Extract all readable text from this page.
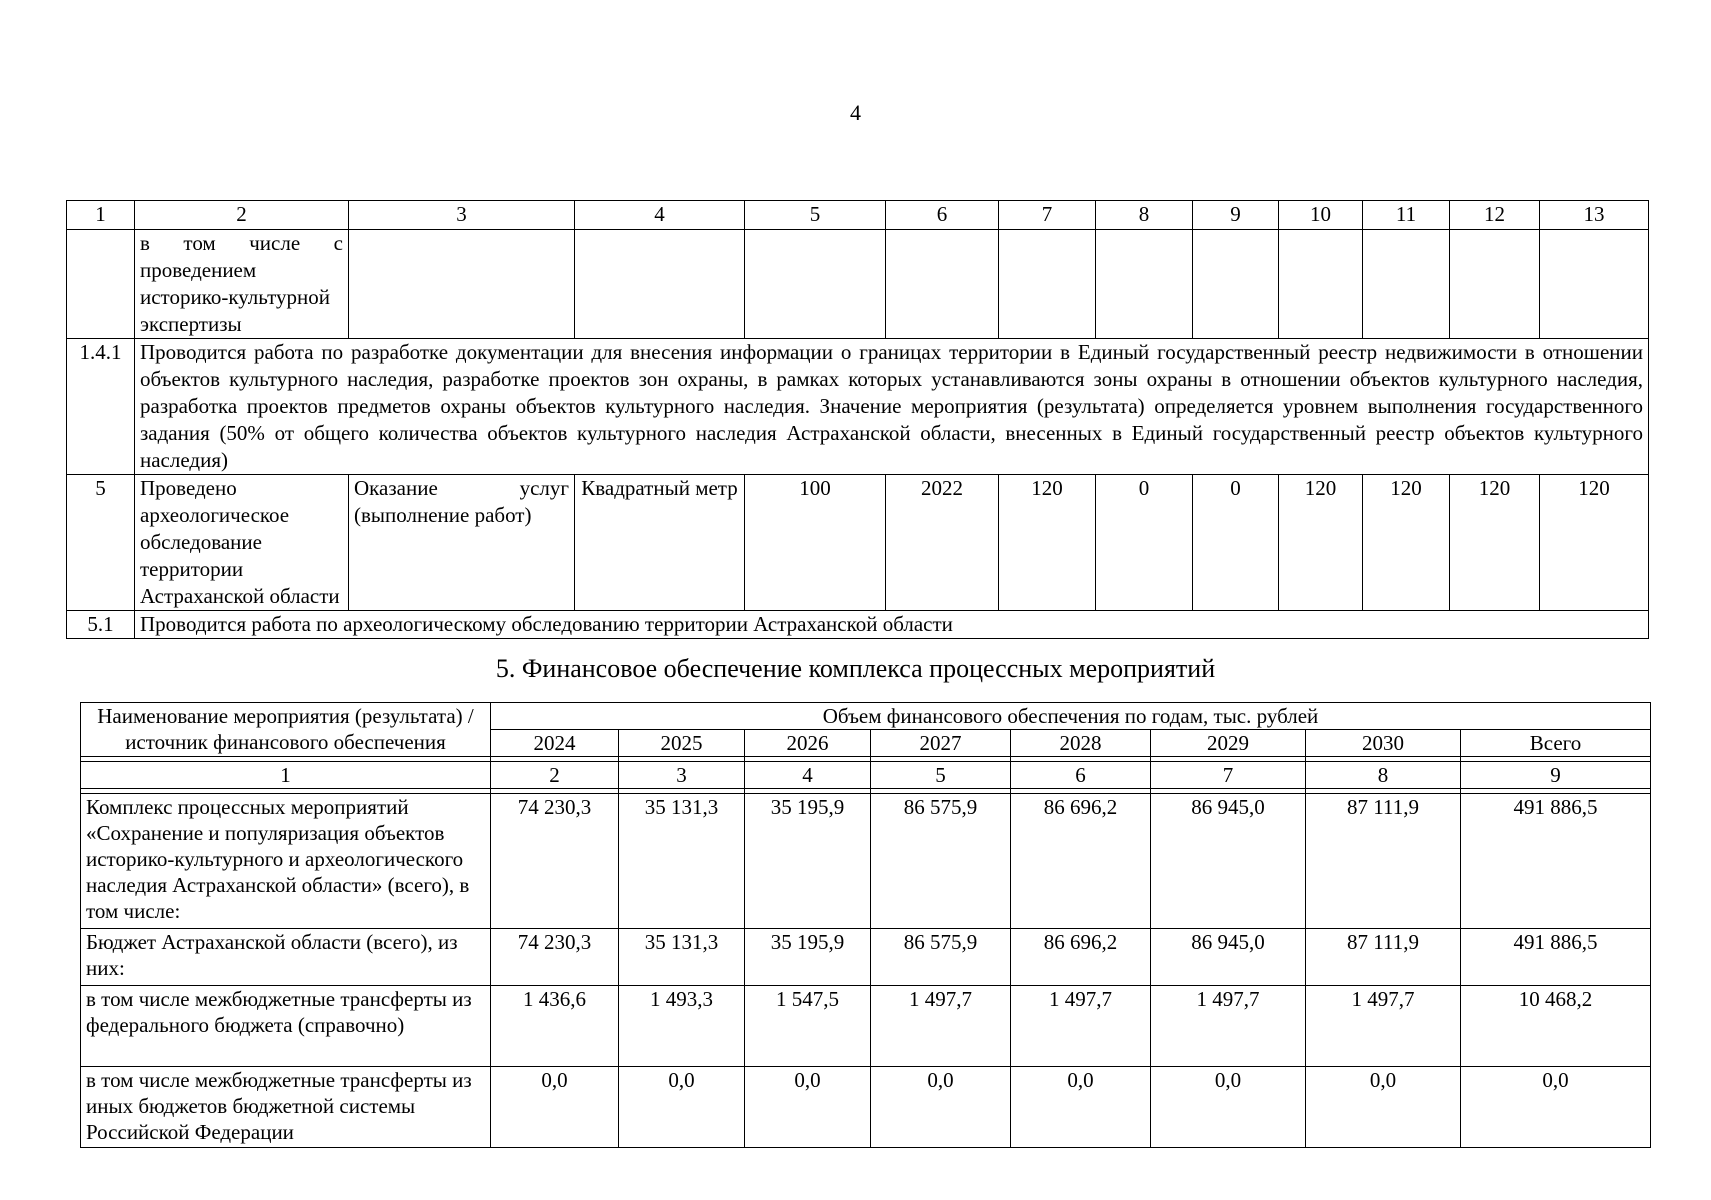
4
1	2	3	4	5	6	7	8	9	10	11	12	13
	в том числе с проведением историко-культурной экспертизы											
1.4.1	Проводится работа по разработке документации для внесения информации о границах территории в Единый государственный реестр недвижимости в отношении объектов культурного наследия, разработке проектов зон охраны, в рамках которых устанавливаются зоны охраны в отношении объектов культурного наследия, разработка проектов предметов охраны объектов культурного наследия. Значение мероприятия (результата) определяется уровнем выполнения государственного задания (50% от общего количества объектов культурного наследия Астраханской области, внесенных в Единый государственный реестр объектов культурного наследия)											
5	Проведено археологическое обследование территории Астраханской области	Оказание услуг (выполнение работ)	Квадратный метр	100	2022	120	0	0	120	120	120	120
5.1	Проводится работа по археологическому обследованию территории Астраханской области											
5. Финансовое обеспечение комплекса процессных мероприятий
Наименование мероприятия (результата) / источник финансового обеспечения	Объем финансового обеспечения по годам, тыс. рублей							
	2024	2025	2026	2027	2028	2029	2030	Всего

1	2	3	4	5	6	7	8	9

Комплекс процессных мероприятий «Сохранение и популяризация объектов историко-культурного и археологического наследия Астраханской области» (всего), в том числе:	74 230,3	35 131,3	35 195,9	86 575,9	86 696,2	86 945,0	87 111,9	491 886,5
Бюджет Астраханской области (всего), из них:	74 230,3	35 131,3	35 195,9	86 575,9	86 696,2	86 945,0	87 111,9	491 886,5
в том числе межбюджетные трансферты из федерального бюджета (справочно)	1 436,6	1 493,3	1 547,5	1 497,7	1 497,7	1 497,7	1 497,7	10 468,2
в том числе межбюджетные трансферты из иных бюджетов бюджетной системы Российской Федерации	0,0	0,0	0,0	0,0	0,0	0,0	0,0	0,0
